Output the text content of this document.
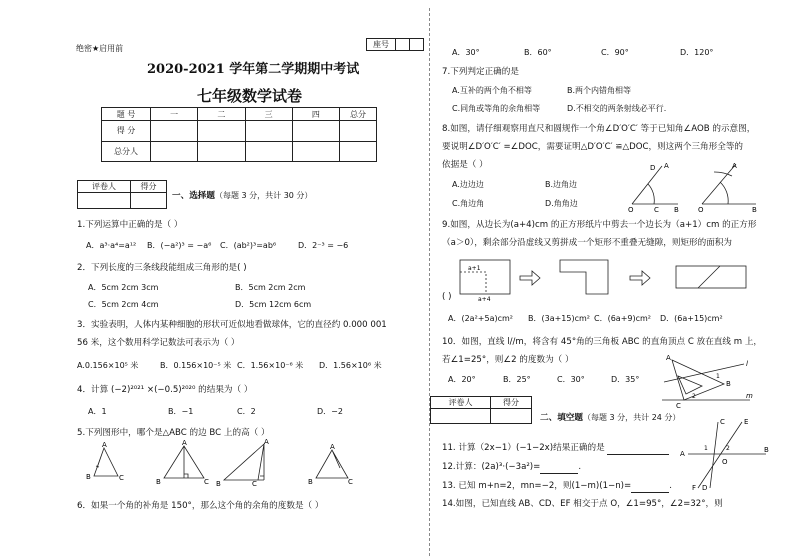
绝密★启用前	座号		
2020-2021 学年第二学期期中考试
七年级数学试卷
题 号	一	二	三	四	总分
得 分					
总分人					
评卷人	得分

一、选择题（每题 3 分，共计 30 分）
1.下列运算中正确的是（ ）
A．a³·a⁴=a¹² B．(−a²)³ = −a⁶ C．(ab²)³=ab⁶	D．2⁻³ = −6
2．下列长度的三条线段能组成三角形的是( )
A．5cm 2cm 3cm	B．5cm 2cm 2cm
C．5cm 2cm 4cm	D．5cm 12cm 6cm
3．实验表明，人体内某种细胞的形状可近似地看做球体，它的直径约 0.000 001
56 米，这个数用科学记数法可表示为（ ）
A.0.156×10⁵ 米	B．0.156×10⁻⁵ 米 C．1.56×10⁻⁶ 米 D．1.56×10⁶ 米
4．计算 (−2)²⁰²¹ ×(−0.5)²⁰²⁰ 的结果为（ ）
A．1	B．−1	C．2	D．−2
5.下列图形中，哪个是△ABC 的边 BC 上的高（ ）
A
B	C
A
B	C
A
B	C
A
B	C
6．如果一个角的补角是 150°，那么这个角的余角的度数是（ ）
A．30°	B．60°	C．90°	D．120°
7.下列判定正确的是
A.互补的两个角不相等	B.两个内错角相等
C.同角或等角的余角相等	D.不相交的两条射线必平行.
8.如图，请仔细观察用直尺和圆规作一个角∠D′O′C′ 等于已知角∠AOB 的示意图，
要说明∠D′O′C′ =∠DOC，需要证明△D′O′C′ ≌△DOC，则这两个三角形全等的
依据是（ ）
A.边边边	B.边角边
C.角边角	D.角角边
D A
O	C B
A
O	B
9.如图，从边长为(a+4)cm 的正方形纸片中剪去一个边长为（a+1）cm 的正方形
（a＞0），剩余部分沿虚线又剪拼成一个矩形不重叠无缝隙，则矩形的面积为
( )
a+1
a+4
A．(2a²+5a)cm² B．(3a+15)cm² C．(6a+9)cm² D．(6a+15)cm²
10．如图，直线 l//m，将含有 45°角的三角板 ABC 的直角顶点 C 放在直线 m 上，
若∠1=25°，则∠2 的度数为（ ）
A．20°	B．25°	C．30°	D．35°
A
B
C
1
2
l
m
评卷人	得分

二、填空题（每题 3 分，共计 24 分）
11. 计算（2x−1）(−1−2x)结果正确的是
12.计算：(2a)³·(−3a²)=	.
13. 已知 m+n=2，mn=−2，则(1−m)(1−n)=	.
14.如图，已知直线 AB、CD、EF 相交于点 O，∠1=95°，∠2=32°，则
A	B
C
D
E
F
O
1	2
